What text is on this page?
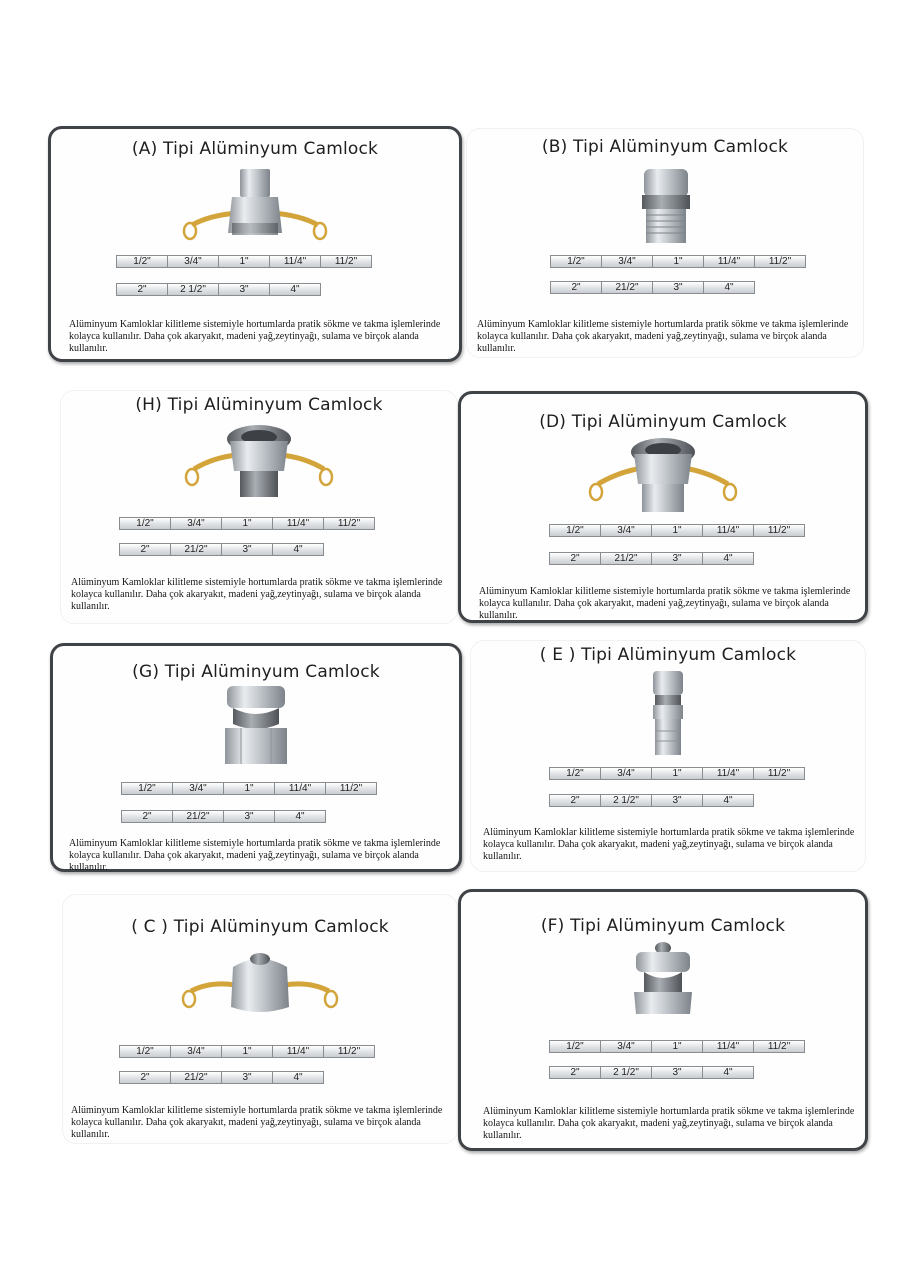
(A) Tipi Alüminyum Camlock
1/2"	3/4"	1"	11/4"	11/2"
2"	2 1/2"	3"	4"
Alüminyum Kamloklar kilitleme sistemiyle hortumlarda pratik sökme ve takma işlemlerinde kolayca kullanılır. Daha çok akaryakıt, madeni yağ,zeytinyağı, sulama ve birçok alanda kullanılır.
(B) Tipi Alüminyum Camlock
1/2"	3/4"	1"	11/4"	11/2"
2"	21/2"	3"	4"
Alüminyum Kamloklar kilitleme sistemiyle hortumlarda pratik sökme ve takma işlemlerinde kolayca kullanılır. Daha çok akaryakıt, madeni yağ,zeytinyağı, sulama ve birçok alanda kullanılır.
(H) Tipi Alüminyum Camlock
1/2"	3/4"	1"	11/4"	11/2"
2"	21/2"	3"	4"
Alüminyum Kamloklar kilitleme sistemiyle hortumlarda pratik sökme ve takma işlemlerinde kolayca kullanılır. Daha çok akaryakıt, madeni yağ,zeytinyağı, sulama ve birçok alanda kullanılır.
(D) Tipi Alüminyum Camlock
1/2"	3/4"	1"	11/4"	11/2"
2"	21/2"	3"	4"
Alüminyum Kamloklar kilitleme sistemiyle hortumlarda pratik sökme ve takma işlemlerinde kolayca kullanılır. Daha çok akaryakıt, madeni yağ,zeytinyağı, sulama ve birçok alanda kullanılır.
(G) Tipi Alüminyum Camlock
1/2"	3/4"	1"	11/4"	11/2"
2"	21/2"	3"	4"
Alüminyum Kamloklar kilitleme sistemiyle hortumlarda pratik sökme ve takma işlemlerinde kolayca kullanılır. Daha çok akaryakıt, madeni yağ,zeytinyağı, sulama ve birçok alanda kullanılır.
( E ) Tipi Alüminyum Camlock
1/2"	3/4"	1"	11/4"	11/2"
2"	2 1/2"	3"	4"
Alüminyum Kamloklar kilitleme sistemiyle hortumlarda pratik sökme ve takma işlemlerinde kolayca kullanılır. Daha çok akaryakıt, madeni yağ,zeytinyağı, sulama ve birçok alanda kullanılır.
( C ) Tipi Alüminyum Camlock
1/2"	3/4"	1"	11/4"	11/2"
2"	21/2"	3"	4"
Alüminyum Kamloklar kilitleme sistemiyle hortumlarda pratik sökme ve takma işlemlerinde kolayca kullanılır. Daha çok akaryakıt, madeni yağ,zeytinyağı, sulama ve birçok alanda kullanılır.
(F) Tipi Alüminyum Camlock
1/2"	3/4"	1"	11/4"	11/2"
2"	2 1/2"	3"	4"
Alüminyum Kamloklar kilitleme sistemiyle hortumlarda pratik sökme ve takma işlemlerinde kolayca kullanılır. Daha çok akaryakıt, madeni yağ,zeytinyağı, sulama ve birçok alanda kullanılır.
